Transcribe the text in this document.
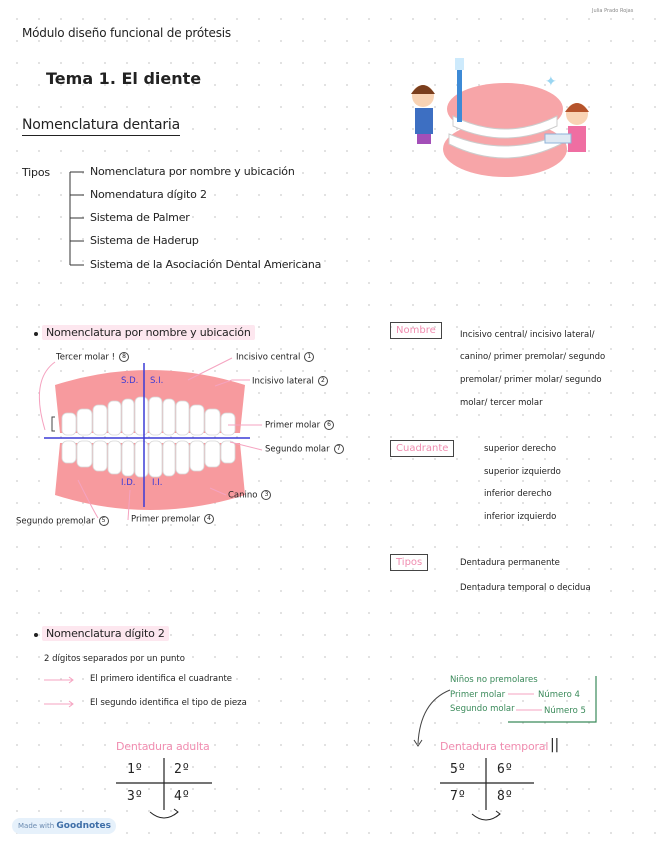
Julia Prado Rojas
Módulo diseño funcional de prótesis
Tema 1. El diente
Nomenclatura dentaria
✦
Tipos	Nomenclatura por nombre y ubicación
Nomendatura dígito 2
Sistema de Palmer
Sistema de Haderup
Sistema de la Asociación Dental Americana
Nomenclatura por nombre y ubicación
S.D. S.I.
I.D. I.I.
Tercer molar ! 8	Incisivo central 1
Incisivo lateral 2
Primer molar 6
Segundo molar 7
Canino 3
Primer premolar 4
Segundo premolar 5
Nombre	Incisivo central/ incisivo lateral/
canino/ primer premolar/ segundo
premolar/ primer molar/ segundo
molar/ tercer molar
Cuadrante	superior derecho
superior izquierdo
inferior derecho
inferior izquierdo
Tipos	Dentadura permanente
Dentadura temporal o decidua
Nomenclatura dígito 2
2 dígitos separados por un punto
El primero identifica el cuadrante
El segundo identifica el tipo de pieza
Dentadura adulta
1º 2º
3º 4º
Dentadura temporal ||
5º 6º
7º 8º
Niños no premolares
Primer molar	Número 4
Segundo molar	Número 5
Made with Goodnotes
